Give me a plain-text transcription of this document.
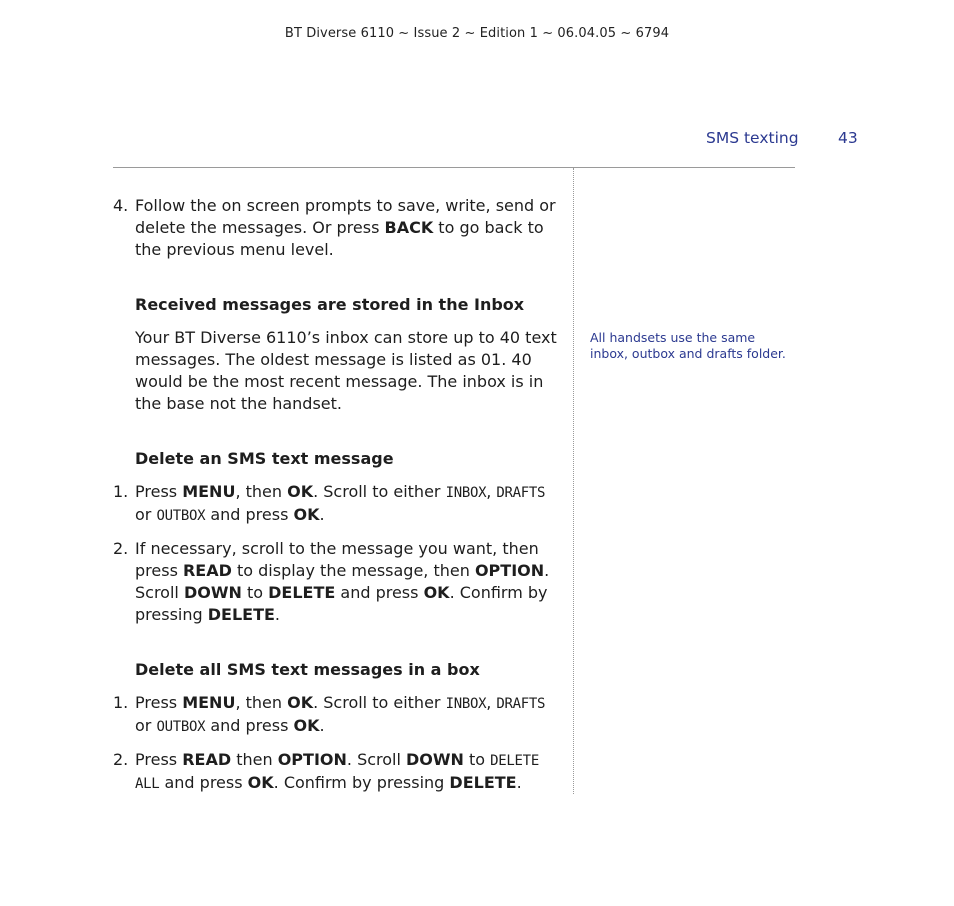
BT Diverse 6110 ~ Issue 2 ~ Edition 1 ~ 06.04.05 ~ 6794
SMS texting	43
4. Follow the on screen prompts to save, write, send or delete the messages. Or press BACK to go back to the previous menu level.
Received messages are stored in the Inbox
Your BT Diverse 6110’s inbox can store up to 40 text messages. The oldest message is listed as 01. 40 would be the most recent message. The inbox is in the base not the handset.
Delete an SMS text message
1. Press MENU, then OK. Scroll to either INBOX, DRAFTS or OUTBOX and press OK.
2. If necessary, scroll to the message you want, then press READ to display the message, then OPTION. Scroll DOWN to DELETE and press OK. Confirm by pressing DELETE.
Delete all SMS text messages in a box
1. Press MENU, then OK. Scroll to either INBOX, DRAFTS or OUTBOX and press OK.
2. Press READ then OPTION. Scroll DOWN to DELETE ALL and press OK. Confirm by pressing DELETE.
All handsets use the same inbox, outbox and drafts folder.
